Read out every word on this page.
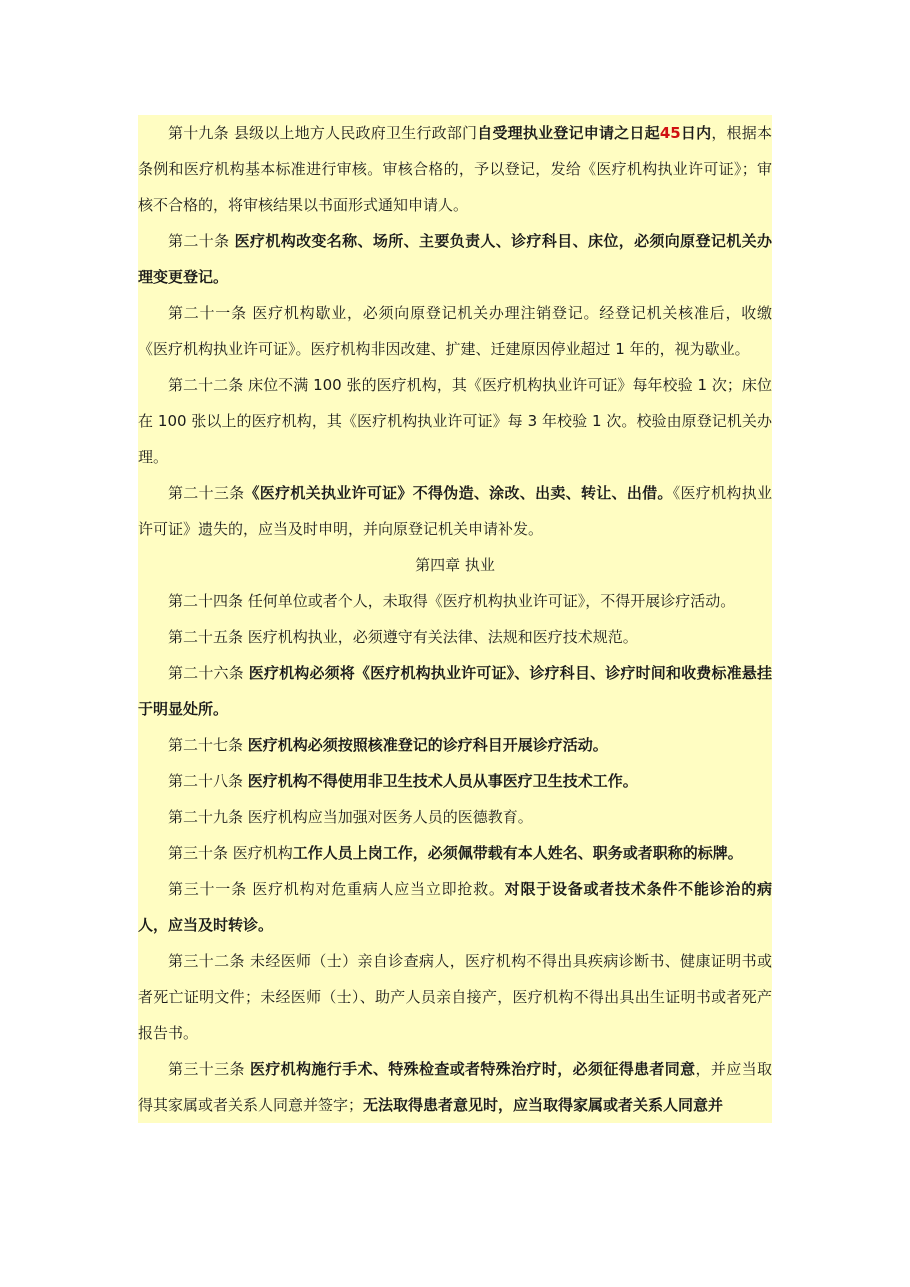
第十九条 县级以上地方人民政府卫生行政部门自受理执业登记申请之日起45日内，根据本条例和医疗机构基本标准进行审核。审核合格的，予以登记，发给《医疗机构执业许可证》；审核不合格的，将审核结果以书面形式通知申请人。

第二十条 医疗机构改变名称、场所、主要负责人、诊疗科目、床位，必须向原登记机关办理变更登记。

第二十一条 医疗机构歇业，必须向原登记机关办理注销登记。经登记机关核准后，收缴《医疗机构执业许可证》。医疗机构非因改建、扩建、迁建原因停业超过 1 年的，视为歇业。

第二十二条 床位不满 100 张的医疗机构，其《医疗机构执业许可证》每年校验 1 次；床位在 100 张以上的医疗机构，其《医疗机构执业许可证》每 3 年校验 1 次。校验由原登记机关办理。

第二十三条《医疗机关执业许可证》不得伪造、涂改、出卖、转让、出借。《医疗机构执业许可证》遗失的，应当及时申明，并向原登记机关申请补发。

第四章 执业

第二十四条 任何单位或者个人，未取得《医疗机构执业许可证》，不得开展诊疗活动。

第二十五条 医疗机构执业，必须遵守有关法律、法规和医疗技术规范。

第二十六条 医疗机构必须将《医疗机构执业许可证》、诊疗科目、诊疗时间和收费标准悬挂于明显处所。

第二十七条 医疗机构必须按照核准登记的诊疗科目开展诊疗活动。

第二十八条 医疗机构不得使用非卫生技术人员从事医疗卫生技术工作。

第二十九条 医疗机构应当加强对医务人员的医德教育。

第三十条 医疗机构工作人员上岗工作，必须佩带载有本人姓名、职务或者职称的标牌。

第三十一条 医疗机构对危重病人应当立即抢救。对限于设备或者技术条件不能诊治的病人，应当及时转诊。

第三十二条 未经医师（士）亲自诊查病人，医疗机构不得出具疾病诊断书、健康证明书或者死亡证明文件；未经医师（士）、助产人员亲自接产，医疗机构不得出具出生证明书或者死产报告书。

第三十三条 医疗机构施行手术、特殊检查或者特殊治疗时，必须征得患者同意，并应当取得其家属或者关系人同意并签字；无法取得患者意见时，应当取得家属或者关系人同意并
